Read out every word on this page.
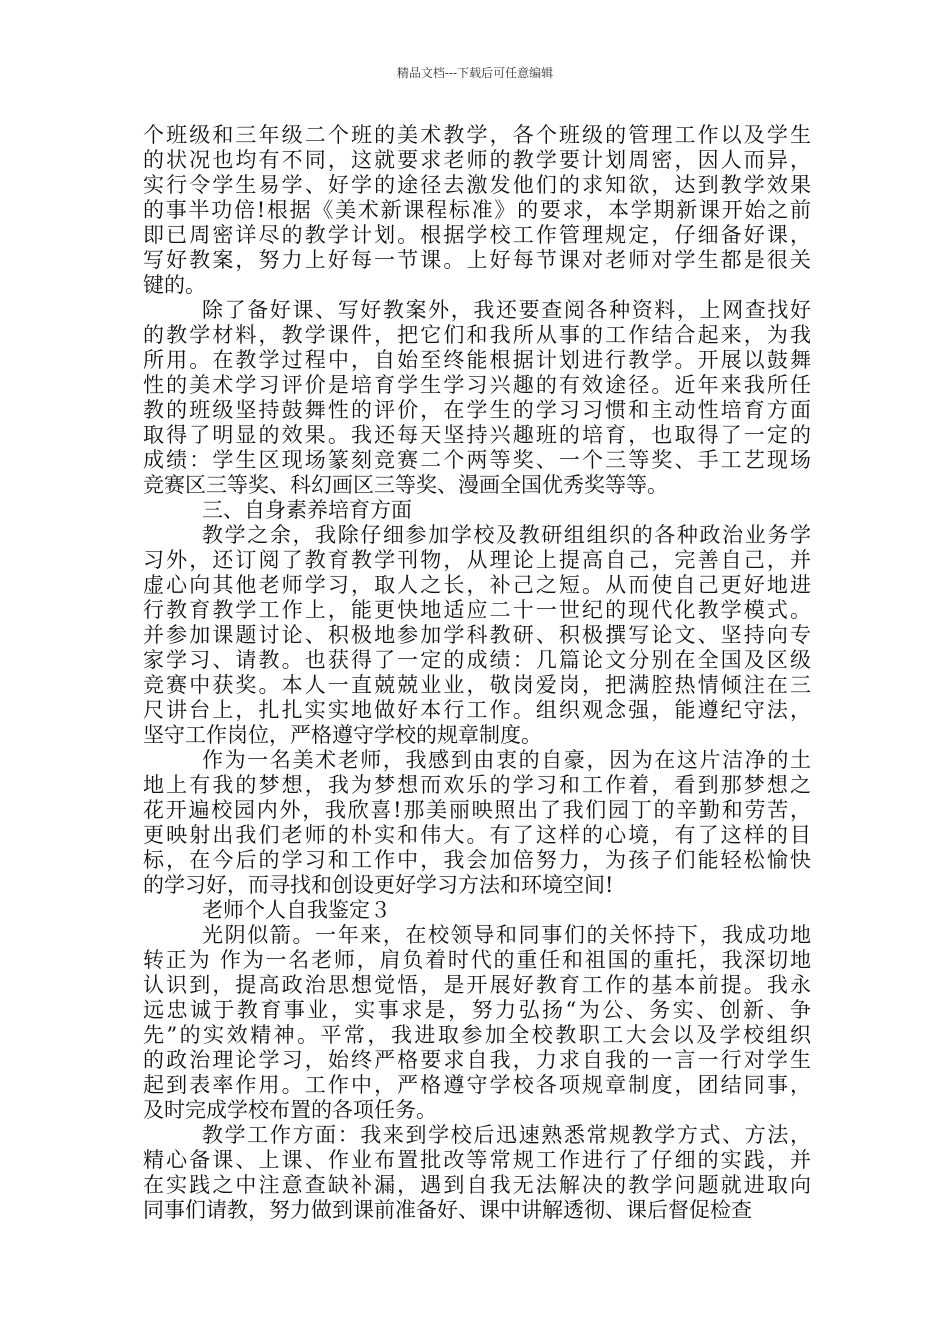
精品文档---下载后可任意编辑
个班级和三年级二个班的美术教学，各个班级的管理工作以及学生
的状况也均有不同，这就要求老师的教学要计划周密，因人而异，
实行令学生易学、好学的途径去激发他们的求知欲，达到教学效果
的事半功倍!根据《美术新课程标准》的要求，本学期新课开始之前
即已周密详尽的教学计划。根据学校工作管理规定，仔细备好课，
写好教案，努力上好每一节课。上好每节课对老师对学生都是很关
键的。
除了备好课、写好教案外，我还要查阅各种资料，上网查找好
的教学材料，教学课件，把它们和我所从事的工作结合起来，为我
所用。在教学过程中，自始至终能根据计划进行教学。开展以鼓舞
性的美术学习评价是培育学生学习兴趣的有效途径。近年来我所任
教的班级坚持鼓舞性的评价，在学生的学习习惯和主动性培育方面
取得了明显的效果。我还每天坚持兴趣班的培育，也取得了一定的
成绩：学生区现场篆刻竞赛二个两等奖、一个三等奖、手工艺现场
竞赛区三等奖、科幻画区三等奖、漫画全国优秀奖等等。
三、自身素养培育方面
教学之余，我除仔细参加学校及教研组组织的各种政治业务学
习外，还订阅了教育教学刊物，从理论上提高自己，完善自己，并
虚心向其他老师学习，取人之长，补己之短。从而使自己更好地进
行教育教学工作上，能更快地适应二十一世纪的现代化教学模式。
并参加课题讨论、积极地参加学科教研、积极撰写论文、坚持向专
家学习、请教。也获得了一定的成绩：几篇论文分别在全国及区级
竞赛中获奖。本人一直兢兢业业，敬岗爱岗，把满腔热情倾注在三
尺讲台上，扎扎实实地做好本行工作。组织观念强，能遵纪守法，
坚守工作岗位，严格遵守学校的规章制度。
作为一名美术老师，我感到由衷的自豪，因为在这片洁净的土
地上有我的梦想，我为梦想而欢乐的学习和工作着，看到那梦想之
花开遍校园内外，我欣喜!那美丽映照出了我们园丁的辛勤和劳苦，
更映射出我们老师的朴实和伟大。有了这样的心境，有了这样的目
标，在今后的学习和工作中，我会加倍努力，为孩子们能轻松愉快
的学习好，而寻找和创设更好学习方法和环境空间!
老师个人自我鉴定３
光阴似箭。一年来，在校领导和同事们的关怀持下，我成功地
转正为 作为一名老师，肩负着时代的重任和祖国的重托，我深切地
认识到，提高政治思想觉悟，是开展好教育工作的基本前提。我永
远忠诚于教育事业，实事求是，努力弘扬“为公、务实、创新、争
先”的实效精神。平常，我进取参加全校教职工大会以及学校组织
的政治理论学习，始终严格要求自我，力求自我的一言一行对学生
起到表率作用。工作中，严格遵守学校各项规章制度，团结同事，
及时完成学校布置的各项任务。
教学工作方面：我来到学校后迅速熟悉常规教学方式、方法，
精心备课、上课、作业布置批改等常规工作进行了仔细的实践，并
在实践之中注意查缺补漏，遇到自我无法解决的教学问题就进取向
同事们请教，努力做到课前准备好、课中讲解透彻、课后督促检查
